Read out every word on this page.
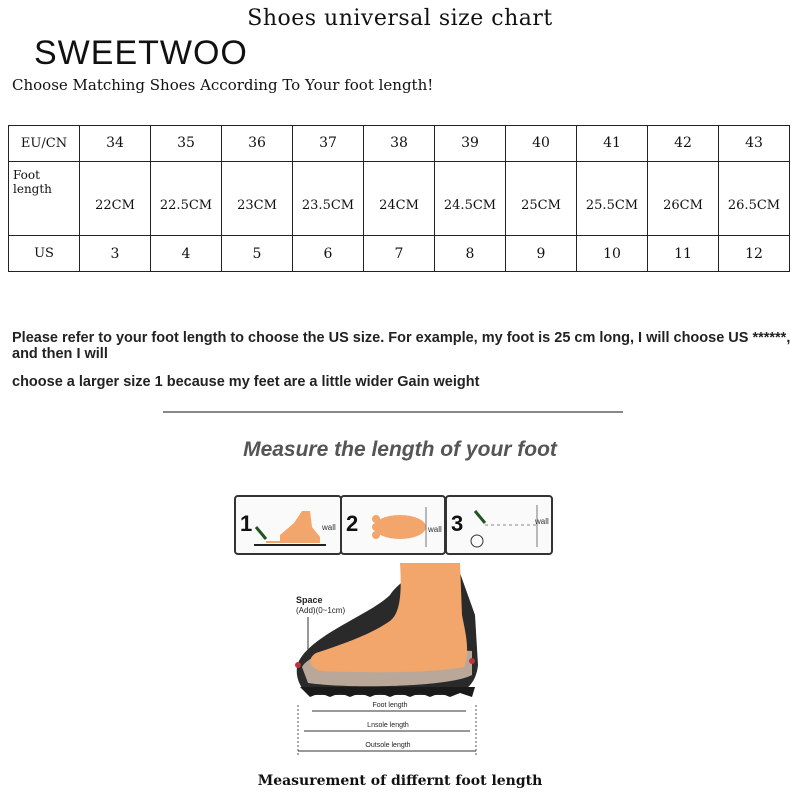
Shoes universal size chart
SWEETWOO
Choose Matching Shoes According To Your foot length!
EU/CN	34	35	36	37	38	39	40	41	42	43
Foot length	22CM	22.5CM	23CM	23.5CM	24CM	24.5CM	25CM	25.5CM	26CM	26.5CM
US	3	4	5	6	7	8	9	10	11	12
Please refer to your foot length to choose the US size. For example, my foot is 25 cm long, I will choose US ******, and then I will
choose a larger size 1 because my feet are a little wider Gain weight
Measure the length of your foot
1	wall 2	wall 3	wall
Space
(Add)(0~1cm)
Foot length
Lnsole length
Outsole length
Measurement of differnt foot length
